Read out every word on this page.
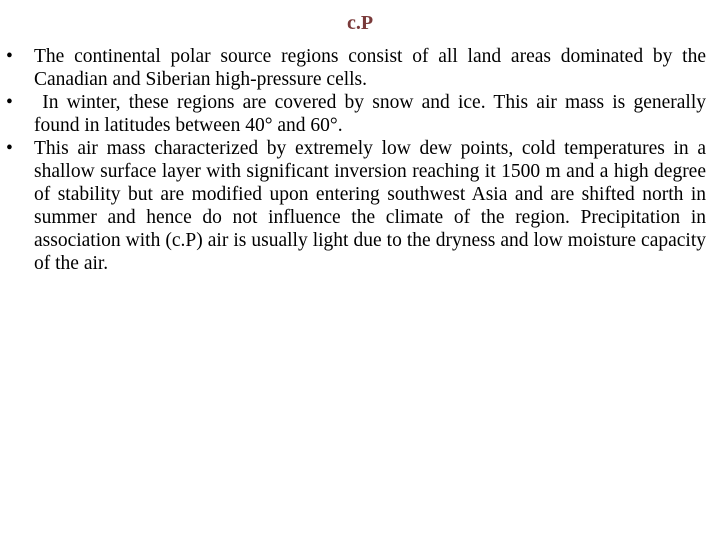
c.P
•	The continental polar source regions consist of all land areas dominated by the Canadian and Siberian high-pressure cells.
•	In winter, these regions are covered by snow and ice. This air mass is generally found in latitudes between 40° and 60°.
•	This air mass characterized by extremely low dew points, cold temperatures in a shallow surface layer with significant inversion reaching it 1500 m and a high degree of stability but are modified upon entering southwest Asia and are shifted north in summer and hence do not influence the climate of the region. Precipitation in association with (c.P) air is usually light due to the dryness and low moisture capacity of the air.
